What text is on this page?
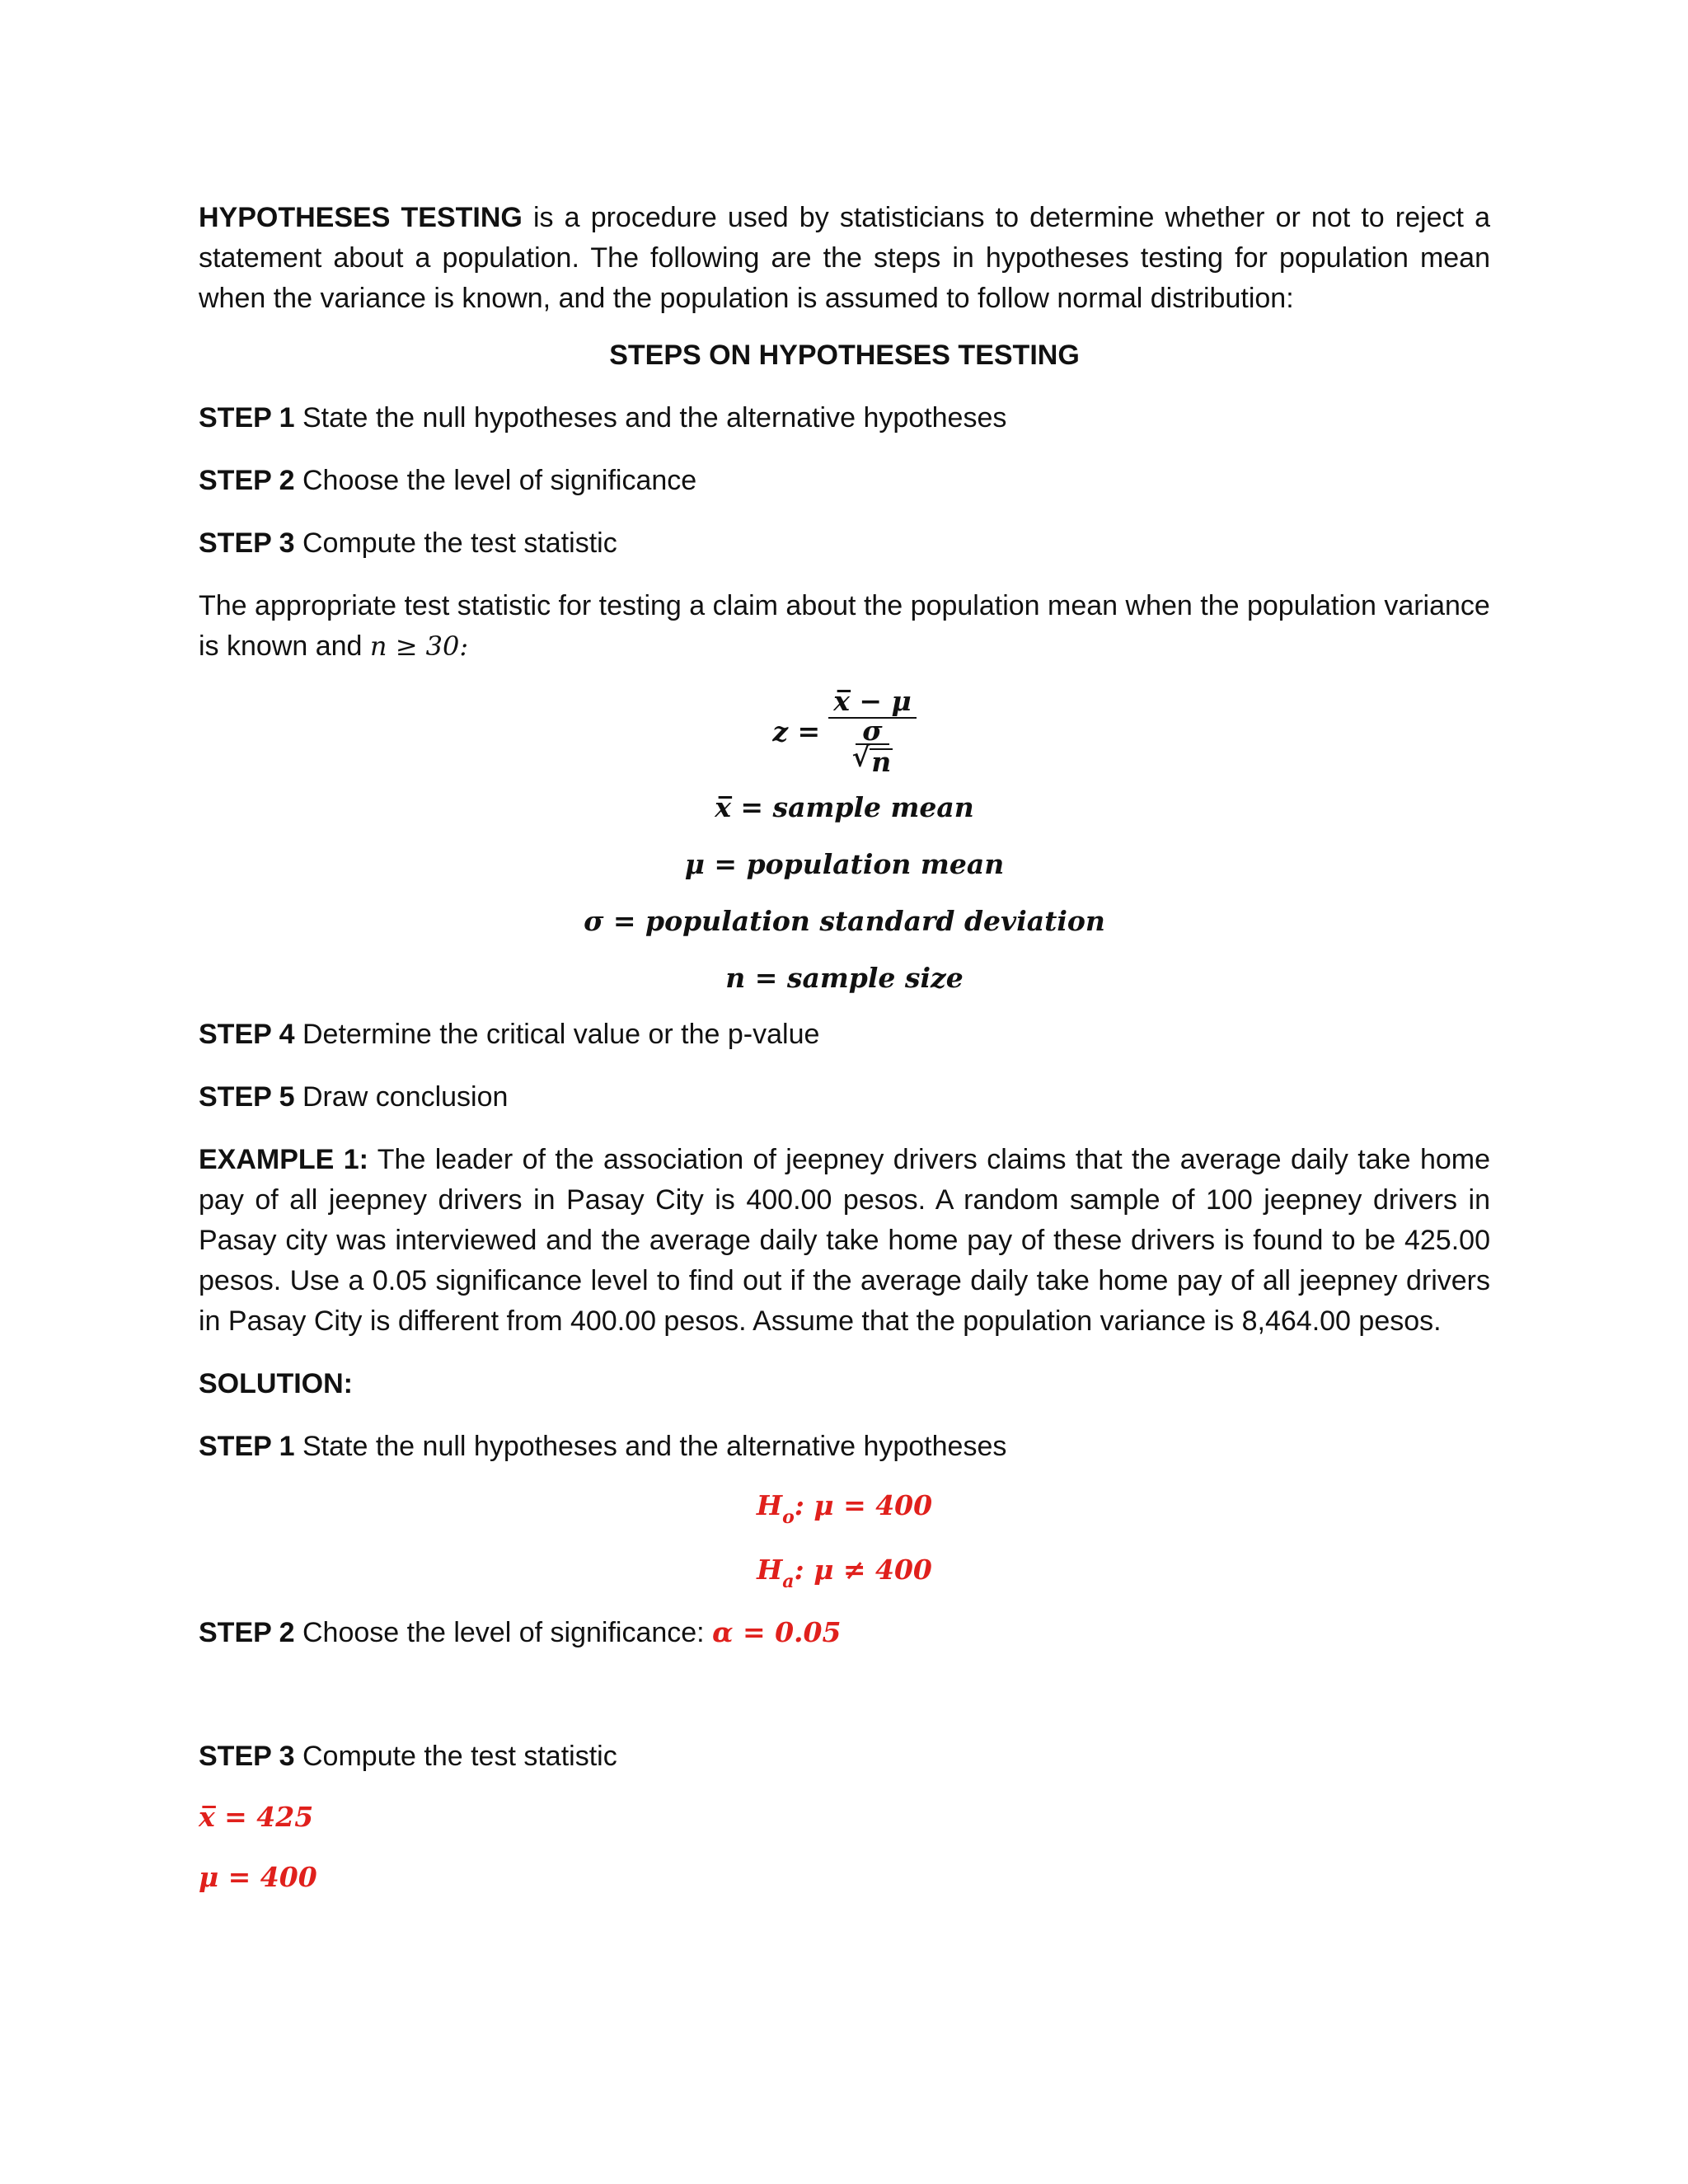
HYPOTHESES TESTING is a procedure used by statisticians to determine whether or not to reject a statement about a population. The following are the steps in hypotheses testing for population mean when the variance is known, and the population is assumed to follow normal distribution:

STEPS ON HYPOTHESES TESTING

STEP 1 State the null hypotheses and the alternative hypotheses

STEP 2 Choose the level of significance

STEP 3 Compute the test statistic

The appropriate test statistic for testing a claim about the population mean when the population variance is known and n ≥ 30:

z = x̅ − μ
σ
√ n

x̅ = sample mean

μ = population mean

σ = population standard deviation

n = sample size

STEP 4 Determine the critical value or the p-value

STEP 5 Draw conclusion

EXAMPLE 1: The leader of the association of jeepney drivers claims that the average daily take home pay of all jeepney drivers in Pasay City is 400.00 pesos. A random sample of 100 jeepney drivers in Pasay city was interviewed and the average daily take home pay of these drivers is found to be 425.00 pesos. Use a 0.05 significance level to find out if the average daily take home pay of all jeepney drivers in Pasay City is different from 400.00 pesos. Assume that the population variance is 8,464.00 pesos.

SOLUTION:

STEP 1 State the null hypotheses and the alternative hypotheses

$H_o$: μ = 400

$H_a$: μ ≠ 400

STEP 2 Choose the level of significance: α = 0.05

STEP 3 Compute the test statistic

x̅ = 425

μ = 400
